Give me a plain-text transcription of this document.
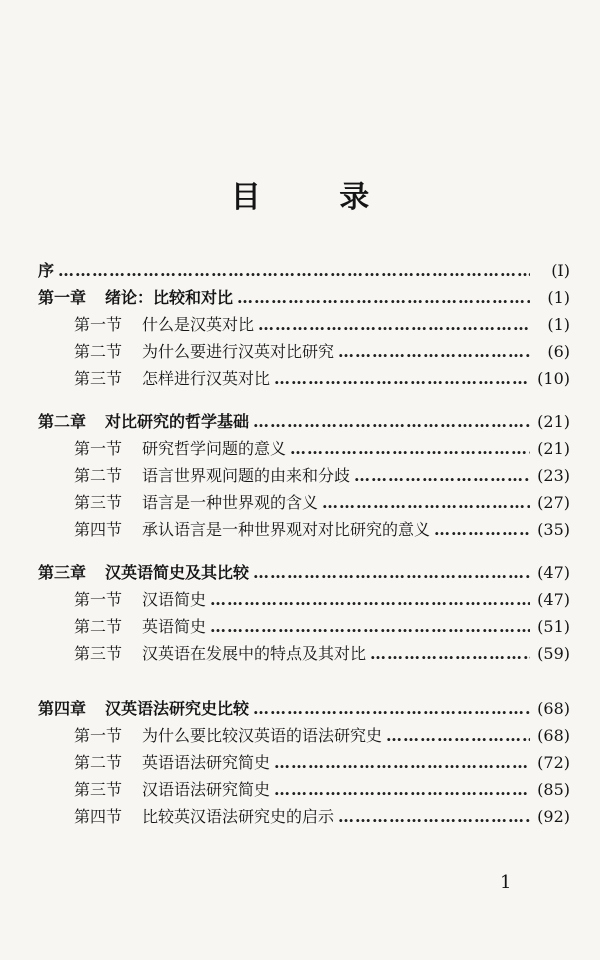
目 录
序 ……………………………………………………………………………………………………………………………………………	(Ⅰ)
第一章	绪论：比较和对比 ……………………………………………………………………………………………………………………………………………	(1)
第一节	什么是汉英对比 ……………………………………………………………………………………………………………………………………………	(1)
第二节	为什么要进行汉英对比研究 ……………………………………………………………………………………………………………………………………………	(6)
第三节	怎样进行汉英对比 ……………………………………………………………………………………………………………………………………………	(10)
第二章	对比研究的哲学基础 ……………………………………………………………………………………………………………………………………………	(21)
第一节	研究哲学问题的意义 ……………………………………………………………………………………………………………………………………………	(21)
第二节	语言世界观问题的由来和分歧 ……………………………………………………………………………………………………………………………………………	(23)
第三节	语言是一种世界观的含义 ……………………………………………………………………………………………………………………………………………	(27)
第四节	承认语言是一种世界观对对比研究的意义 ……………………………………………………………………………………………………………………………………………	(35)
第三章	汉英语简史及其比较 ……………………………………………………………………………………………………………………………………………	(47)
第一节	汉语简史 ……………………………………………………………………………………………………………………………………………	(47)
第二节	英语简史 ……………………………………………………………………………………………………………………………………………	(51)
第三节	汉英语在发展中的特点及其对比 ……………………………………………………………………………………………………………………………………………	(59)
第四章	汉英语法研究史比较 ……………………………………………………………………………………………………………………………………………	(68)
第一节	为什么要比较汉英语的语法研究史 ……………………………………………………………………………………………………………………………………………	(68)
第二节	英语语法研究简史 ……………………………………………………………………………………………………………………………………………	(72)
第三节	汉语语法研究简史 ……………………………………………………………………………………………………………………………………………	(85)
第四节	比较英汉语法研究史的启示 ……………………………………………………………………………………………………………………………………………	(92)
1
